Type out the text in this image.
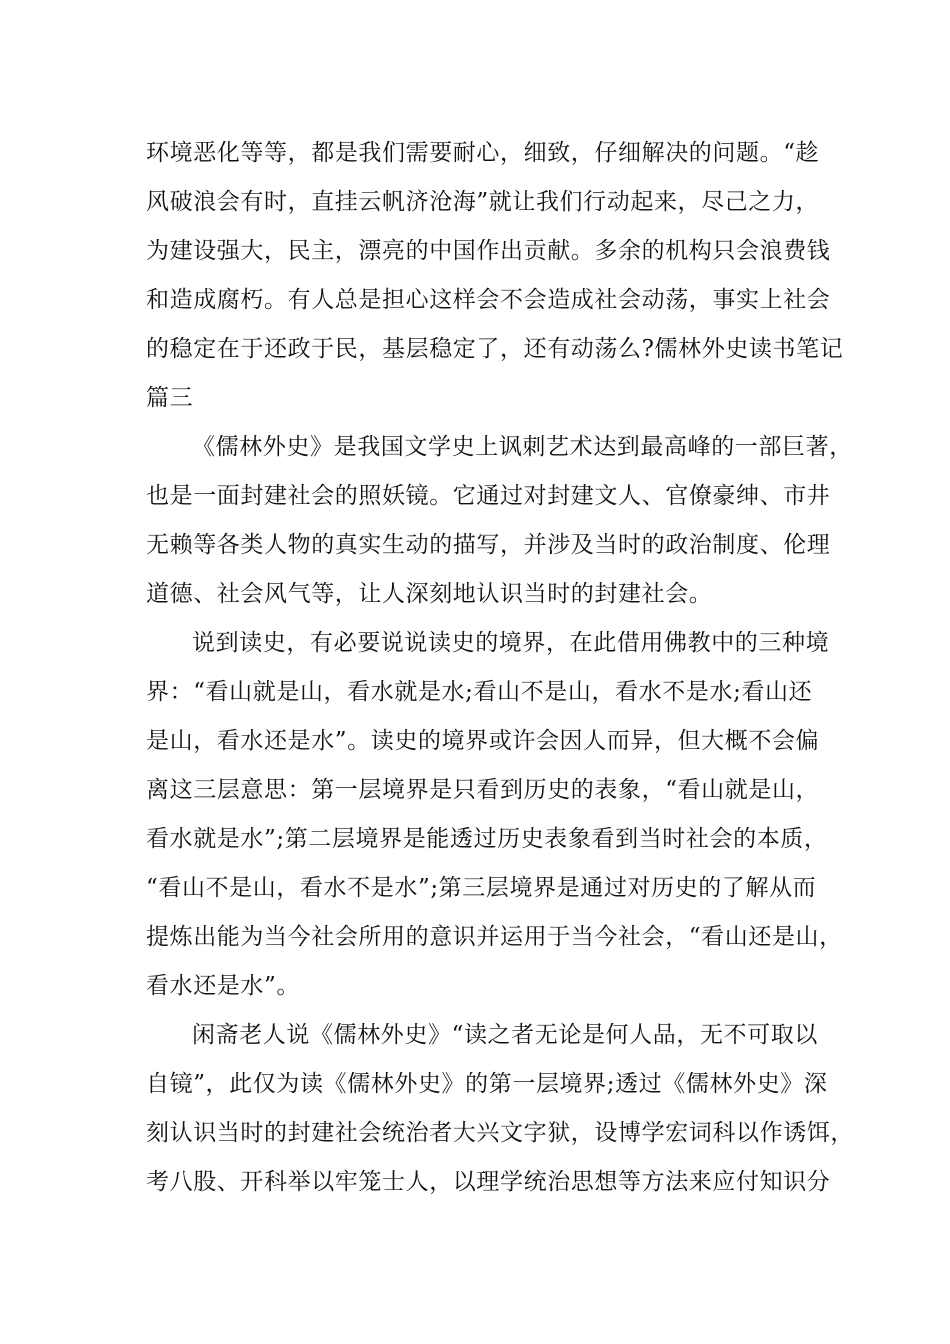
环境恶化等等，都是我们需要耐心，细致，仔细解决的问题。“趁
风破浪会有时，直挂云帆济沧海”就让我们行动起来，尽己之力，
为建设强大，民主，漂亮的中国作出贡献。多余的机构只会浪费钱
和造成腐朽。有人总是担心这样会不会造成社会动荡，事实上社会
的稳定在于还政于民，基层稳定了，还有动荡么?儒林外史读书笔记
篇三
《儒林外史》是我国文学史上讽刺艺术达到最高峰的一部巨著，
也是一面封建社会的照妖镜。它通过对封建文人、官僚豪绅、市井
无赖等各类人物的真实生动的描写，并涉及当时的政治制度、伦理
道德、社会风气等，让人深刻地认识当时的封建社会。
说到读史，有必要说说读史的境界，在此借用佛教中的三种境
界：“看山就是山，看水就是水;看山不是山，看水不是水;看山还
是山，看水还是水”。读史的境界或许会因人而异，但大概不会偏
离这三层意思：第一层境界是只看到历史的表象，“看山就是山，
看水就是水”;第二层境界是能透过历史表象看到当时社会的本质，
“看山不是山，看水不是水”;第三层境界是通过对历史的了解从而
提炼出能为当今社会所用的意识并运用于当今社会，“看山还是山，
看水还是水”。
闲斋老人说《儒林外史》“读之者无论是何人品，无不可取以
自镜”，此仅为读《儒林外史》的第一层境界;透过《儒林外史》深
刻认识当时的封建社会统治者大兴文字狱，设博学宏词科以作诱饵，
考八股、开科举以牢笼士人，以理学统治思想等方法来应付知识分
